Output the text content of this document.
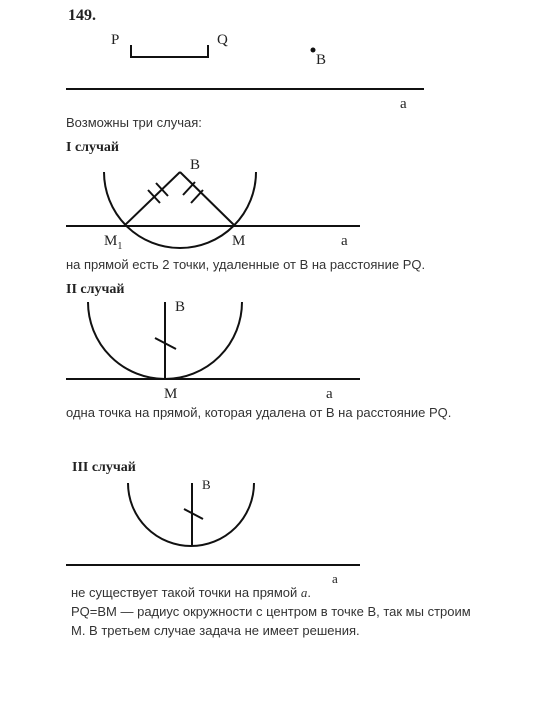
149.
P	Q
B
a
Возможны три случая:
I случай
B
$M_1$	M	a
на прямой есть 2 точки, удаленные от B на расстояние PQ.
II случай
B
M	a
одна точка на прямой, которая удалена от B на расстояние PQ.
III случай
B
a
не существует такой точки на прямой a.
PQ=BM — радиус окружности с центром в точке B, так мы строим
M. В третьем случае задача не имеет решения.
